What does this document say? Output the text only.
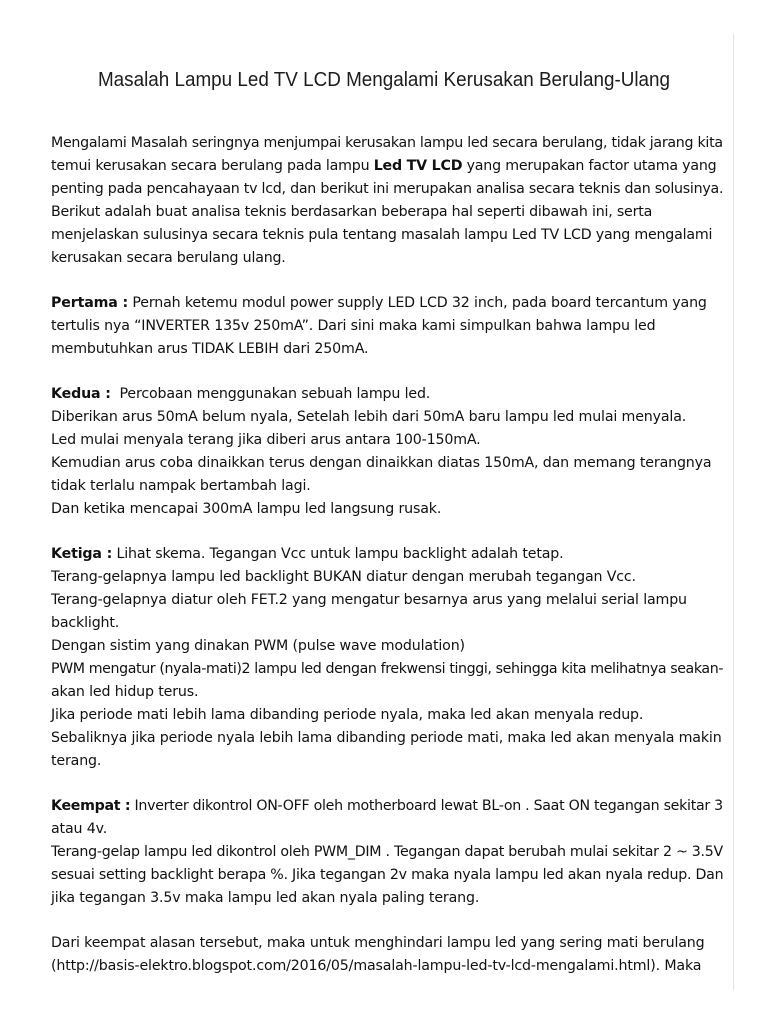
Masalah Lampu Led TV LCD Mengalami Kerusakan Berulang-Ulang

Mengalami Masalah seringnya menjumpai kerusakan lampu led secara berulang, tidak jarang kita
temui kerusakan secara berulang pada lampu Led TV LCD yang merupakan factor utama yang
penting pada pencahayaan tv lcd, dan berikut ini merupakan analisa secara teknis dan solusinya.
Berikut adalah buat analisa teknis berdasarkan beberapa hal seperti dibawah ini, serta
menjelaskan sulusinya secara teknis pula tentang masalah lampu Led TV LCD yang mengalami
kerusakan secara berulang ulang.

Pertama : Pernah ketemu modul power supply LED LCD 32 inch, pada board tercantum yang
tertulis nya “INVERTER 135v 250mA”. Dari sini maka kami simpulkan bahwa lampu led
membutuhkan arus TIDAK LEBIH dari 250mA.

Kedua :  Percobaan menggunakan sebuah lampu led.
Diberikan arus 50mA belum nyala, Setelah lebih dari 50mA baru lampu led mulai menyala.
Led mulai menyala terang jika diberi arus antara 100-150mA.
Kemudian arus coba dinaikkan terus dengan dinaikkan diatas 150mA, dan memang terangnya
tidak terlalu nampak bertambah lagi.
Dan ketika mencapai 300mA lampu led langsung rusak.

Ketiga : Lihat skema. Tegangan Vcc untuk lampu backlight adalah tetap.
Terang-gelapnya lampu led backlight BUKAN diatur dengan merubah tegangan Vcc.
Terang-gelapnya diatur oleh FET.2 yang mengatur besarnya arus yang melalui serial lampu
backlight.
Dengan sistim yang dinakan PWM (pulse wave modulation)
PWM mengatur (nyala-mati)2 lampu led dengan frekwensi tinggi, sehingga kita melihatnya seakan-
akan led hidup terus.
Jika periode mati lebih lama dibanding periode nyala, maka led akan menyala redup.
Sebaliknya jika periode nyala lebih lama dibanding periode mati, maka led akan menyala makin
terang.

Keempat : Inverter dikontrol ON-OFF oleh motherboard lewat BL-on . Saat ON tegangan sekitar 3
atau 4v.
Terang-gelap lampu led dikontrol oleh PWM_DIM . Tegangan dapat berubah mulai sekitar 2 ~ 3.5V
sesuai setting backlight berapa %. Jika tegangan 2v maka nyala lampu led akan nyala redup. Dan
jika tegangan 3.5v maka lampu led akan nyala paling terang.

Dari keempat alasan tersebut, maka untuk menghindari lampu led yang sering mati berulang
(http://basis-elektro.blogspot.com/2016/05/masalah-lampu-led-tv-lcd-mengalami.html). Maka
